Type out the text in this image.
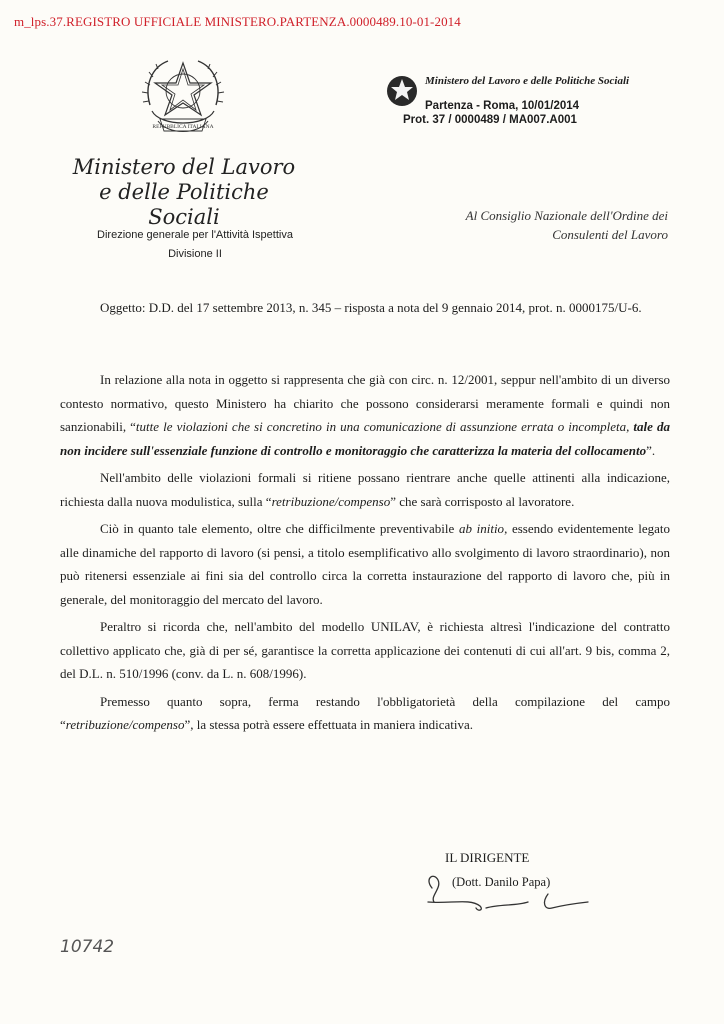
m_lps.37.REGISTRO UFFICIALE MINISTERO.PARTENZA.0000489.10-01-2014
REPUBBLICA ITALIANA
Ministero del Lavoro
e delle Politiche Sociali
Direzione generale per l'Attività Ispettiva
Divisione II
Ministero del Lavoro e delle Politiche Sociali
Partenza - Roma, 10/01/2014
Prot. 37 / 0000489 / MA007.A001
Al Consiglio Nazionale dell'Ordine dei
Consulenti del Lavoro

Oggetto: D.D. del 17 settembre 2013, n. 345 – risposta a nota del 9 gennaio 2014, prot. n. 0000175/U-6.

In relazione alla nota in oggetto si rappresenta che già con circ. n. 12/2001, seppur nell'ambito di un diverso contesto normativo, questo Ministero ha chiarito che possono considerarsi meramente formali e quindi non sanzionabili, “tutte le violazioni che si concretino in una comunicazione di assunzione errata o incompleta, tale da non incidere sull'essenziale funzione di controllo e monitoraggio che caratterizza la materia del collocamento”.

Nell'ambito delle violazioni formali si ritiene possano rientrare anche quelle attinenti alla indicazione, richiesta dalla nuova modulistica, sulla “retribuzione/compenso” che sarà corrisposto al lavoratore.

Ciò in quanto tale elemento, oltre che difficilmente preventivabile ab initio, essendo evidentemente legato alle dinamiche del rapporto di lavoro (si pensi, a titolo esemplificativo allo svolgimento di lavoro straordinario), non può ritenersi essenziale ai fini sia del controllo circa la corretta instaurazione del rapporto di lavoro che, più in generale, del monitoraggio del mercato del lavoro.

Peraltro si ricorda che, nell'ambito del modello UNILAV, è richiesta altresì l'indicazione del contratto collettivo applicato che, già di per sé, garantisce la corretta applicazione dei contenuti di cui all'art. 9 bis, comma 2, del D.L. n. 510/1996 (conv. da L. n. 608/1996).

Premesso quanto sopra, ferma restando l'obbligatorietà della compilazione del campo “retribuzione/compenso”, la stessa potrà essere effettuata in maniera indicativa.

IL DIRIGENTE
(Dott. Danilo Papa)
10742
